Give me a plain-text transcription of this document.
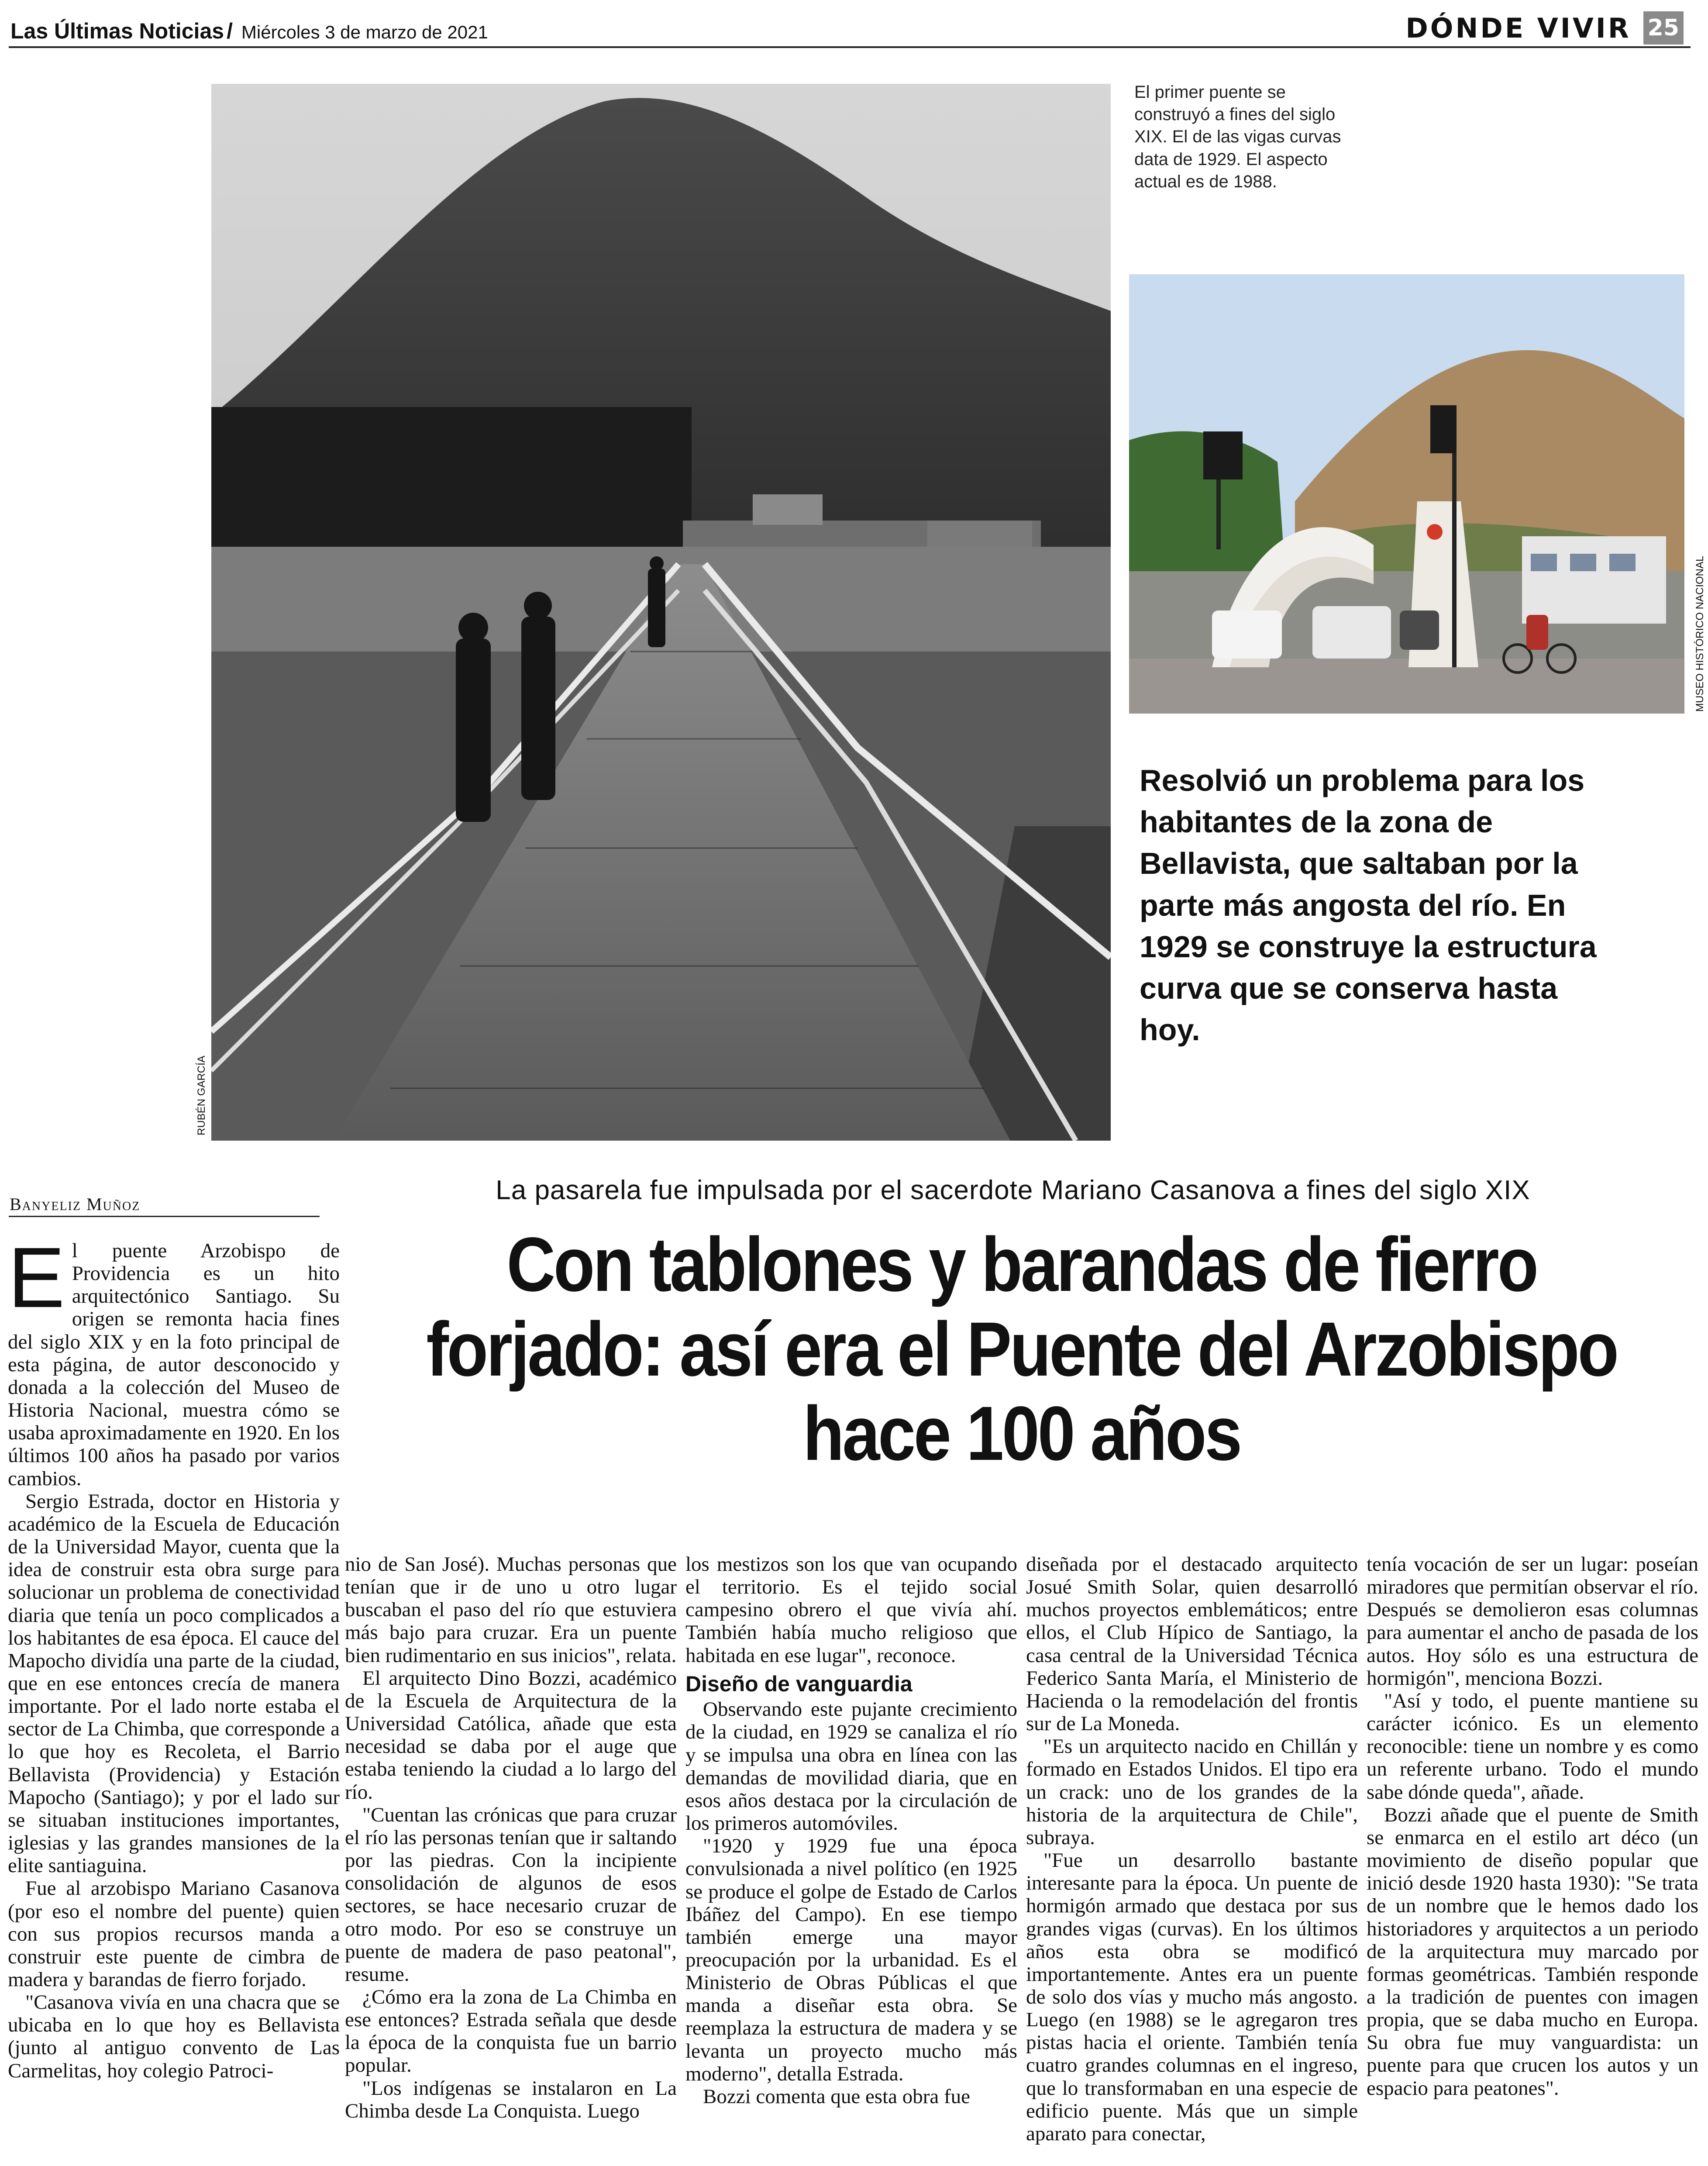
Las Últimas Noticias / Miércoles 3 de marzo de 2021	DÓNDE VIVIR 25
RUBÉN GARCÍA
El primer puente se construyó a fines del siglo XIX. El de las vigas curvas data de 1929. El aspecto actual es de 1988.
MUSEO HISTÓRICO NACIONAL
Resolvió un problema para los habitantes de la zona de Bellavista, que saltaban por la parte más angosta del río. En 1929 se construye la estructura curva que se conserva hasta hoy.
Banyeliz Muñoz	La pasarela fue impulsada por el sacerdote Mariano Casanova a fines del siglo XIX
Con tablones y barandas de fierro forjado: así era el Puente del Arzobispo hace 100 años

El puente Arzobispo de Providencia es un hito arquitectónico Santiago. Su origen se remonta hacia fines del siglo XIX y en la foto principal de esta página, de autor desconocido y donada a la colección del Museo de Historia Nacional, muestra cómo se usaba aproximadamente en 1920. En los últimos 100 años ha pasado por varios cambios.

Sergio Estrada, doctor en Historia y académico de la Escuela de Educación de la Universidad Mayor, cuenta que la idea de construir esta obra surge para solucionar un problema de conectividad diaria que tenía un poco complicados a los habitantes de esa época. El cauce del Mapocho dividía una parte de la ciudad, que en ese entonces crecía de manera importante. Por el lado norte estaba el sector de La Chimba, que corresponde a lo que hoy es Recoleta, el Barrio Bellavista (Providencia) y Estación Mapocho (Santiago); y por el lado sur se situaban instituciones importantes, iglesias y las grandes mansiones de la elite santiaguina.

Fue al arzobispo Mariano Casanova (por eso el nombre del puente) quien con sus propios recursos manda a construir este puente de cimbra de madera y barandas de fierro forjado.

"Casanova vivía en una chacra que se ubicaba en lo que hoy es Bellavista (junto al antiguo convento de Las Carmelitas, hoy colegio Patroci-

nio de San José). Muchas personas que tenían que ir de uno u otro lugar buscaban el paso del río que estuviera más bajo para cruzar. Era un puente bien rudimentario en sus inicios", relata.

El arquitecto Dino Bozzi, académico de la Escuela de Arquitectura de la Universidad Católica, añade que esta necesidad se daba por el auge que estaba teniendo la ciudad a lo largo del río.

"Cuentan las crónicas que para cruzar el río las personas tenían que ir saltando por las piedras. Con la incipiente consolidación de algunos de esos sectores, se hace necesario cruzar de otro modo. Por eso se construye un puente de madera de paso peatonal", resume.

¿Cómo era la zona de La Chimba en ese entonces? Estrada señala que desde la época de la conquista fue un barrio popular.

"Los indígenas se instalaron en La Chimba desde La Conquista. Luego

los mestizos son los que van ocupando el territorio. Es el tejido social campesino obrero el que vivía ahí. También había mucho religioso que habitada en ese lugar", reconoce.

Diseño de vanguardia

Observando este pujante crecimiento de la ciudad, en 1929 se canaliza el río y se impulsa una obra en línea con las demandas de movilidad diaria, que en esos años destaca por la circulación de los primeros automóviles.

"1920 y 1929 fue una época convulsionada a nivel político (en 1925 se produce el golpe de Estado de Carlos Ibáñez del Campo). En ese tiempo también emerge una mayor preocupación por la urbanidad. Es el Ministerio de Obras Públicas el que manda a diseñar esta obra. Se reemplaza la estructura de madera y se levanta un proyecto mucho más moderno", detalla Estrada.

Bozzi comenta que esta obra fue

diseñada por el destacado arquitecto Josué Smith Solar, quien desarrolló muchos proyectos emblemáticos; entre ellos, el Club Hípico de Santiago, la casa central de la Universidad Técnica Federico Santa María, el Ministerio de Hacienda o la remodelación del frontis sur de La Moneda.

"Es un arquitecto nacido en Chillán y formado en Estados Unidos. El tipo era un crack: uno de los grandes de la historia de la arquitectura de Chile", subraya.

"Fue un desarrollo bastante interesante para la época. Un puente de hormigón armado que destaca por sus grandes vigas (curvas). En los últimos años esta obra se modificó importantemente. Antes era un puente de solo dos vías y mucho más angosto. Luego (en 1988) se le agregaron tres pistas hacia el oriente. También tenía cuatro grandes columnas en el ingreso, que lo transformaban en una especie de edificio puente. Más que un simple aparato para conectar,

tenía vocación de ser un lugar: poseían miradores que permitían observar el río. Después se demolieron esas columnas para aumentar el ancho de pasada de los autos. Hoy sólo es una estructura de hormigón", menciona Bozzi.

"Así y todo, el puente mantiene su carácter icónico. Es un elemento reconocible: tiene un nombre y es como un referente urbano. Todo el mundo sabe dónde queda", añade.

Bozzi añade que el puente de Smith se enmarca en el estilo art déco (un movimiento de diseño popular que inició desde 1920 hasta 1930): "Se trata de un nombre que le hemos dado los historiadores y arquitectos a un periodo de la arquitectura muy marcado por formas geométricas. También responde a la tradición de puentes con imagen propia, que se daba mucho en Europa. Su obra fue muy vanguardista: un puente para que crucen los autos y un espacio para peatones".
